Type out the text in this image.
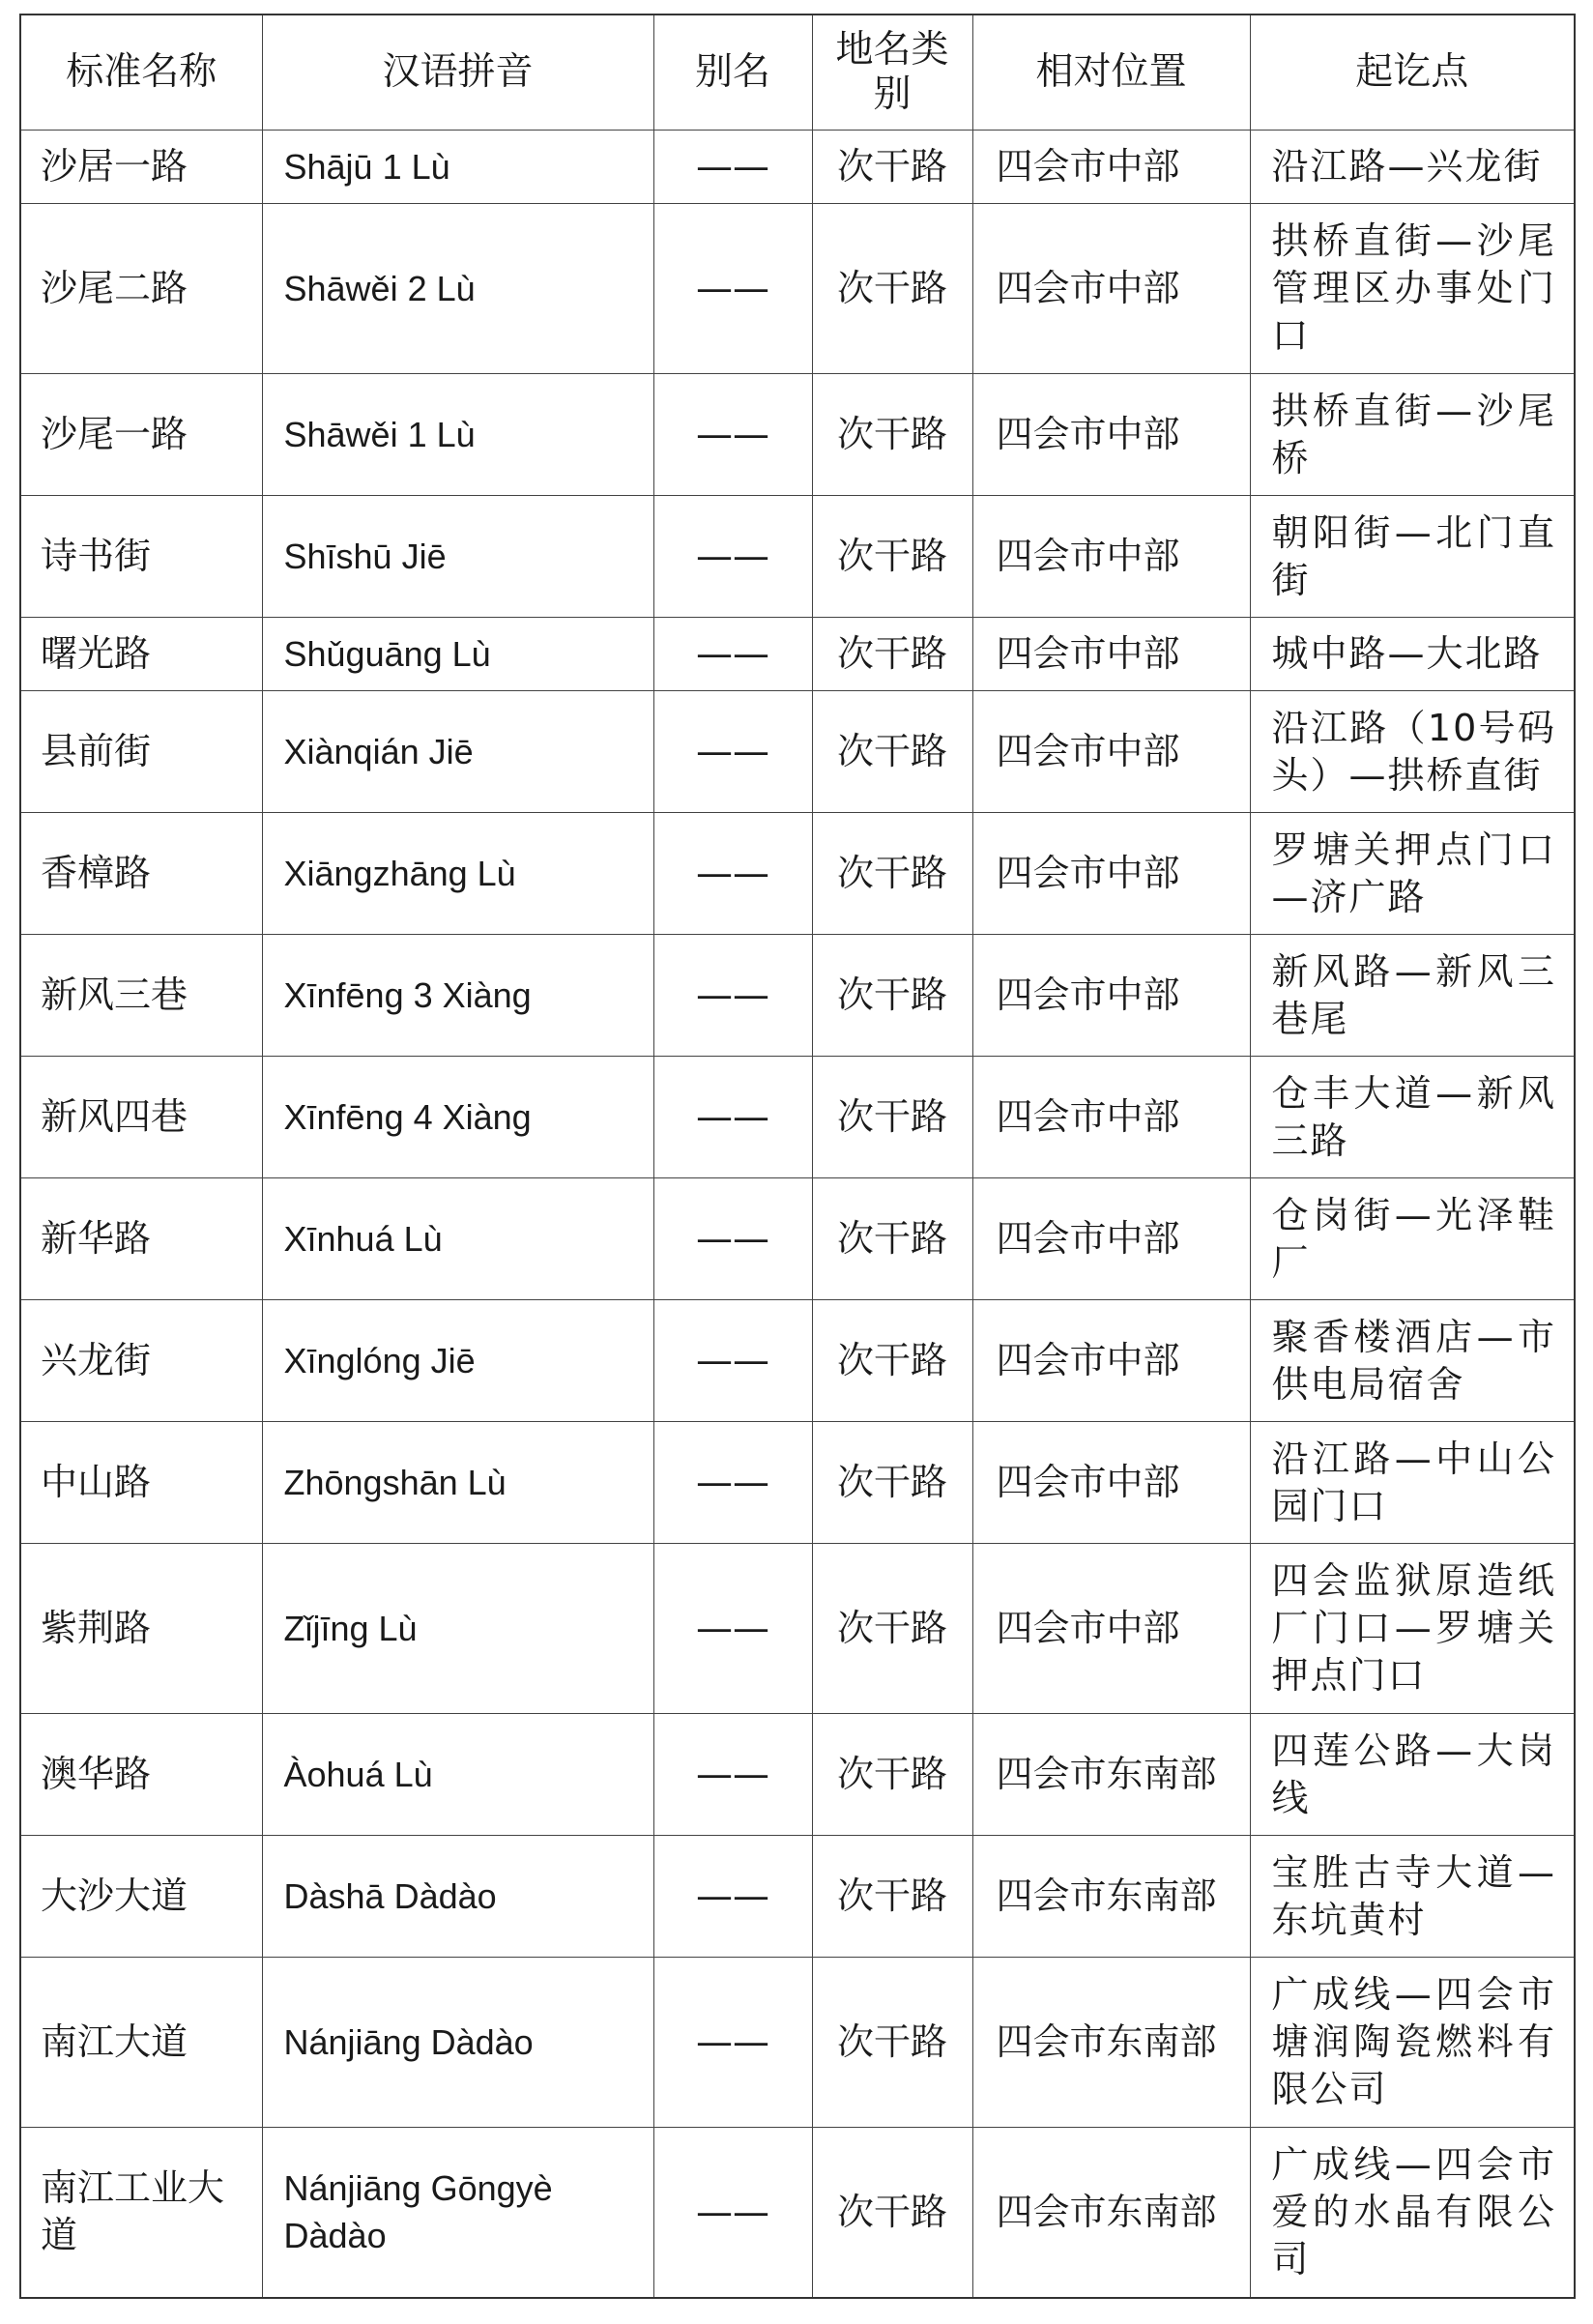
标准名称	汉语拼音	别名	地名类别	相对位置	起讫点
沙居一路	Shājū 1 Lù	——	次干路	四会市中部	沿江路—兴龙街
沙尾二路	Shāwěi 2 Lù	——	次干路	四会市中部	拱桥直街—沙尾管理区办事处门口
沙尾一路	Shāwěi 1 Lù	——	次干路	四会市中部	拱桥直街—沙尾桥
诗书街	Shīshū Jiē	——	次干路	四会市中部	朝阳街—北门直街
曙光路	Shǔguāng Lù	——	次干路	四会市中部	城中路—大北路
县前街	Xiànqián Jiē	——	次干路	四会市中部	沿江路（10号码头）—拱桥直街
香樟路	Xiāngzhāng Lù	——	次干路	四会市中部	罗塘关押点门口—济广路
新风三巷	Xīnfēng 3 Xiàng	——	次干路	四会市中部	新风路—新风三巷尾
新风四巷	Xīnfēng 4 Xiàng	——	次干路	四会市中部	仓丰大道—新风三路
新华路	Xīnhuá Lù	——	次干路	四会市中部	仓岗街—光泽鞋厂
兴龙街	Xīnglóng Jiē	——	次干路	四会市中部	聚香楼酒店—市供电局宿舍
中山路	Zhōngshān Lù	——	次干路	四会市中部	沿江路—中山公园门口
紫荆路	Zǐjīng Lù	——	次干路	四会市中部	四会监狱原造纸厂门口—罗塘关押点门口
澳华路	Àohuá Lù	——	次干路	四会市东南部	四莲公路—大岗线
大沙大道	Dàshā Dàdào	——	次干路	四会市东南部	宝胜古寺大道—东坑黄村
南江大道	Nánjiāng Dàdào	——	次干路	四会市东南部	广成线—四会市塘润陶瓷燃料有限公司
南江工业大道	Nánjiāng Gōngyè Dàdào	——	次干路	四会市东南部	广成线—四会市爱的水晶有限公司
